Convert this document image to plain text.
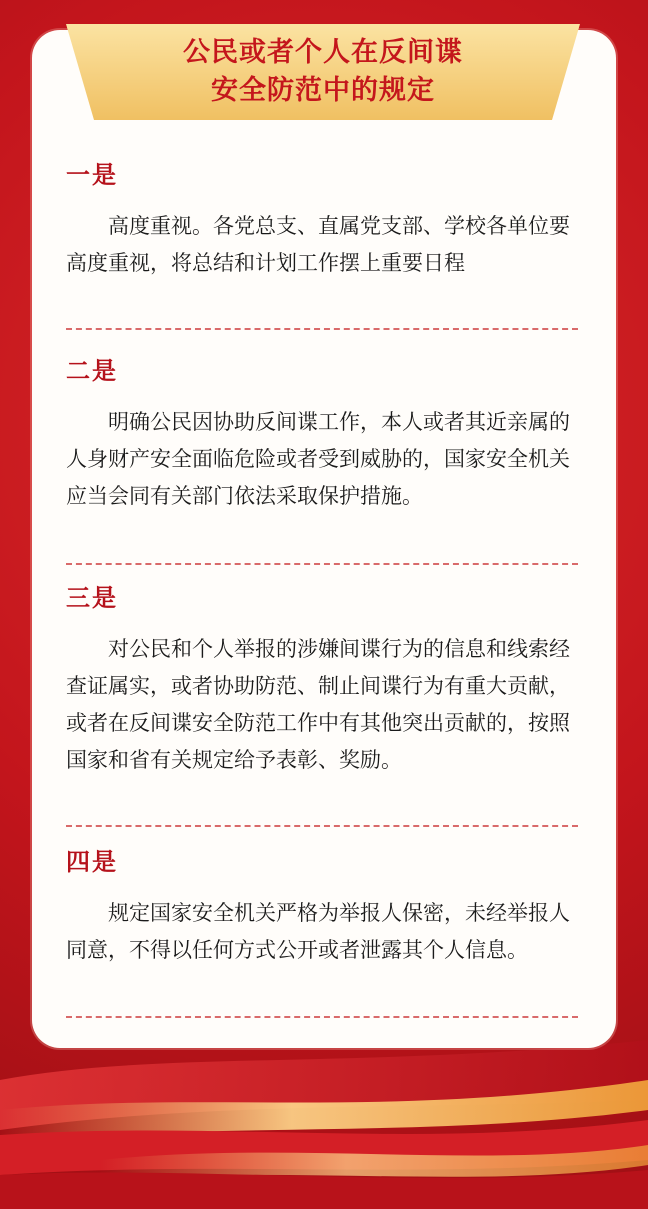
公民或者个人在反间谍
安全防范中的规定
一是
高度重视。各党总支、直属党支部、学校各单位要高度重视，将总结和计划工作摆上重要日程
二是
明确公民因协助反间谍工作，本人或者其近亲属的人身财产安全面临危险或者受到威胁的，国家安全机关应当会同有关部门依法采取保护措施。
三是
对公民和个人举报的涉嫌间谍行为的信息和线索经查证属实，或者协助防范、制止间谍行为有重大贡献，或者在反间谍安全防范工作中有其他突出贡献的，按照国家和省有关规定给予表彰、奖励。
四是
规定国家安全机关严格为举报人保密，未经举报人同意，不得以任何方式公开或者泄露其个人信息。
